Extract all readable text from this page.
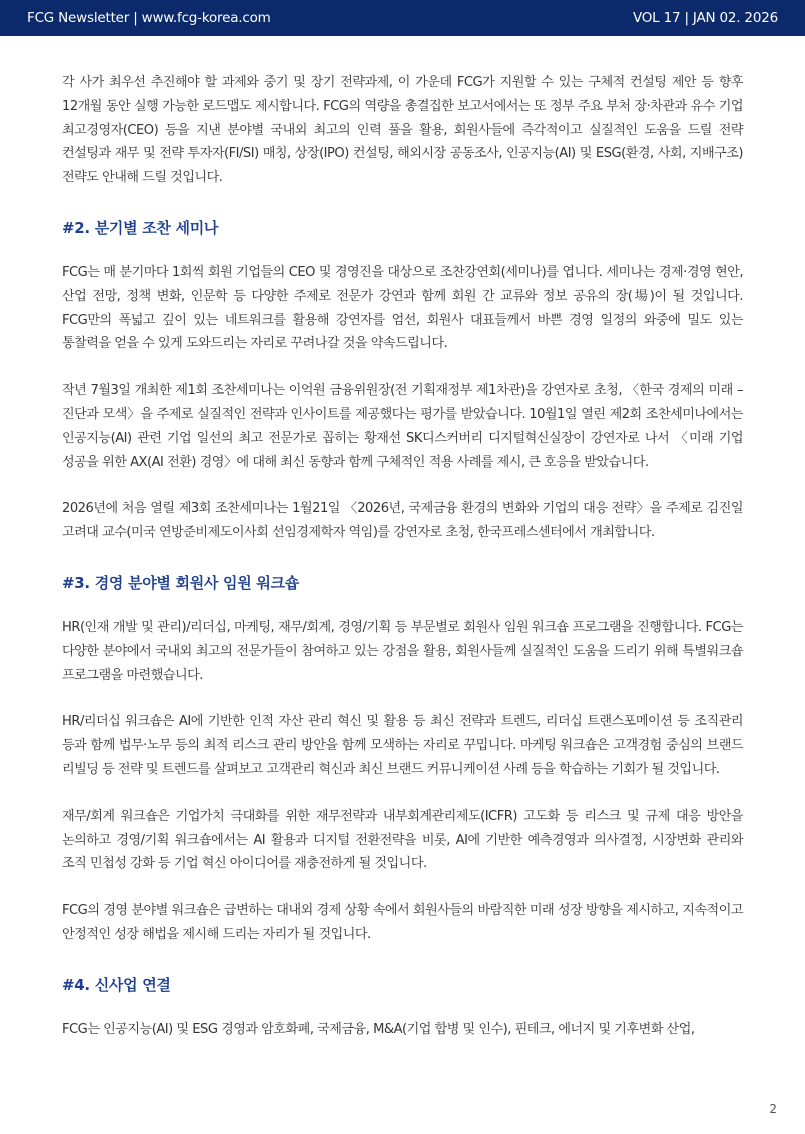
FCG Newsletter | www.fcg-korea.com	VOL 17 | JAN 02. 2026

각 사가 최우선 추진해야 할 과제와 중기 및 장기 전략과제, 이 가운데 FCG가 지원할 수 있는 구체적 컨설팅 제안 등 향후 12개월 동안 실행 가능한 로드맵도 제시합니다. FCG의 역량을 총결집한 보고서에서는 또 정부 주요 부처 장·차관과 유수 기업 최고경영자(CEO) 등을 지낸 분야별 국내외 최고의 인력 풀을 활용, 회원사들에 즉각적이고 실질적인 도움을 드릴 전략 컨설팅과 재무 및 전략 투자자(FI/SI) 매칭, 상장(IPO) 컨설팅, 해외시장 공동조사, 인공지능(AI) 및 ESG(환경, 사회, 지배구조) 전략도 안내해 드릴 것입니다.

#2. 분기별 조찬 세미나

FCG는 매 분기마다 1회씩 회원 기업들의 CEO 및 경영진을 대상으로 조찬강연회(세미나)를 엽니다. 세미나는 경제·경영 현안, 산업 전망, 정책 변화, 인문학 등 다양한 주제로 전문가 강연과 함께 회원 간 교류와 정보 공유의 장(場)이 될 것입니다. FCG만의 폭넓고 깊이 있는 네트워크를 활용해 강연자를 엄선, 회원사 대표들께서 바쁜 경영 일정의 와중에 밀도 있는 통찰력을 얻을 수 있게 도와드리는 자리로 꾸려나갈 것을 약속드립니다.

작년 7월3일 개최한 제1회 조찬세미나는 이억원 금융위원장(전 기획재정부 제1차관)을 강연자로 초청, 〈한국 경제의 미래 – 진단과 모색〉을 주제로 실질적인 전략과 인사이트를 제공했다는 평가를 받았습니다. 10월1일 열린 제2회 조찬세미나에서는 인공지능(AI) 관련 기업 일선의 최고 전문가로 꼽히는 황재선 SK디스커버리 디지털혁신실장이 강연자로 나서 〈미래 기업 성공을 위한 AX(AI 전환) 경영〉에 대해 최신 동향과 함께 구체적인 적용 사례를 제시, 큰 호응을 받았습니다.

2026년에 처음 열릴 제3회 조찬세미나는 1월21일 〈2026년, 국제금융 환경의 변화와 기업의 대응 전략〉을 주제로 김진일 고려대 교수(미국 연방준비제도이사회 선임경제학자 역임)를 강연자로 초청, 한국프레스센터에서 개최합니다.

#3. 경영 분야별 회원사 임원 워크숍

HR(인재 개발 및 관리)/리더십, 마케팅, 재무/회계, 경영/기획 등 부문별로 회원사 임원 워크숍 프로그램을 진행합니다. FCG는 다양한 분야에서 국내외 최고의 전문가들이 참여하고 있는 강점을 활용, 회원사들께 실질적인 도움을 드리기 위해 특별워크숍 프로그램을 마련했습니다.

HR/리더십 워크숍은 AI에 기반한 인적 자산 관리 혁신 및 활용 등 최신 전략과 트렌드, 리더십 트랜스포메이션 등 조직관리 등과 함께 법무·노무 등의 최적 리스크 관리 방안을 함께 모색하는 자리로 꾸밉니다. 마케팅 워크숍은 고객경험 중심의 브랜드 리빌딩 등 전략 및 트렌드를 살펴보고 고객관리 혁신과 최신 브랜드 커뮤니케이션 사례 등을 학습하는 기회가 될 것입니다.

재무/회계 워크숍은 기업가치 극대화를 위한 재무전략과 내부회계관리제도(ICFR) 고도화 등 리스크 및 규제 대응 방안을 논의하고 경영/기획 워크숍에서는 AI 활용과 디지털 전환전략을 비롯, AI에 기반한 예측경영과 의사결정, 시장변화 관리와 조직 민첩성 강화 등 기업 혁신 아이디어를 재충전하게 될 것입니다.

FCG의 경영 분야별 워크숍은 급변하는 대내외 경제 상황 속에서 회원사들의 바람직한 미래 성장 방향을 제시하고, 지속적이고 안정적인 성장 해법을 제시해 드리는 자리가 될 것입니다.

#4. 신사업 연결

FCG는 인공지능(AI) 및 ESG 경영과 암호화폐, 국제금융, M&A(기업 합병 및 인수), 핀테크, 에너지 및 기후변화 산업,

2
